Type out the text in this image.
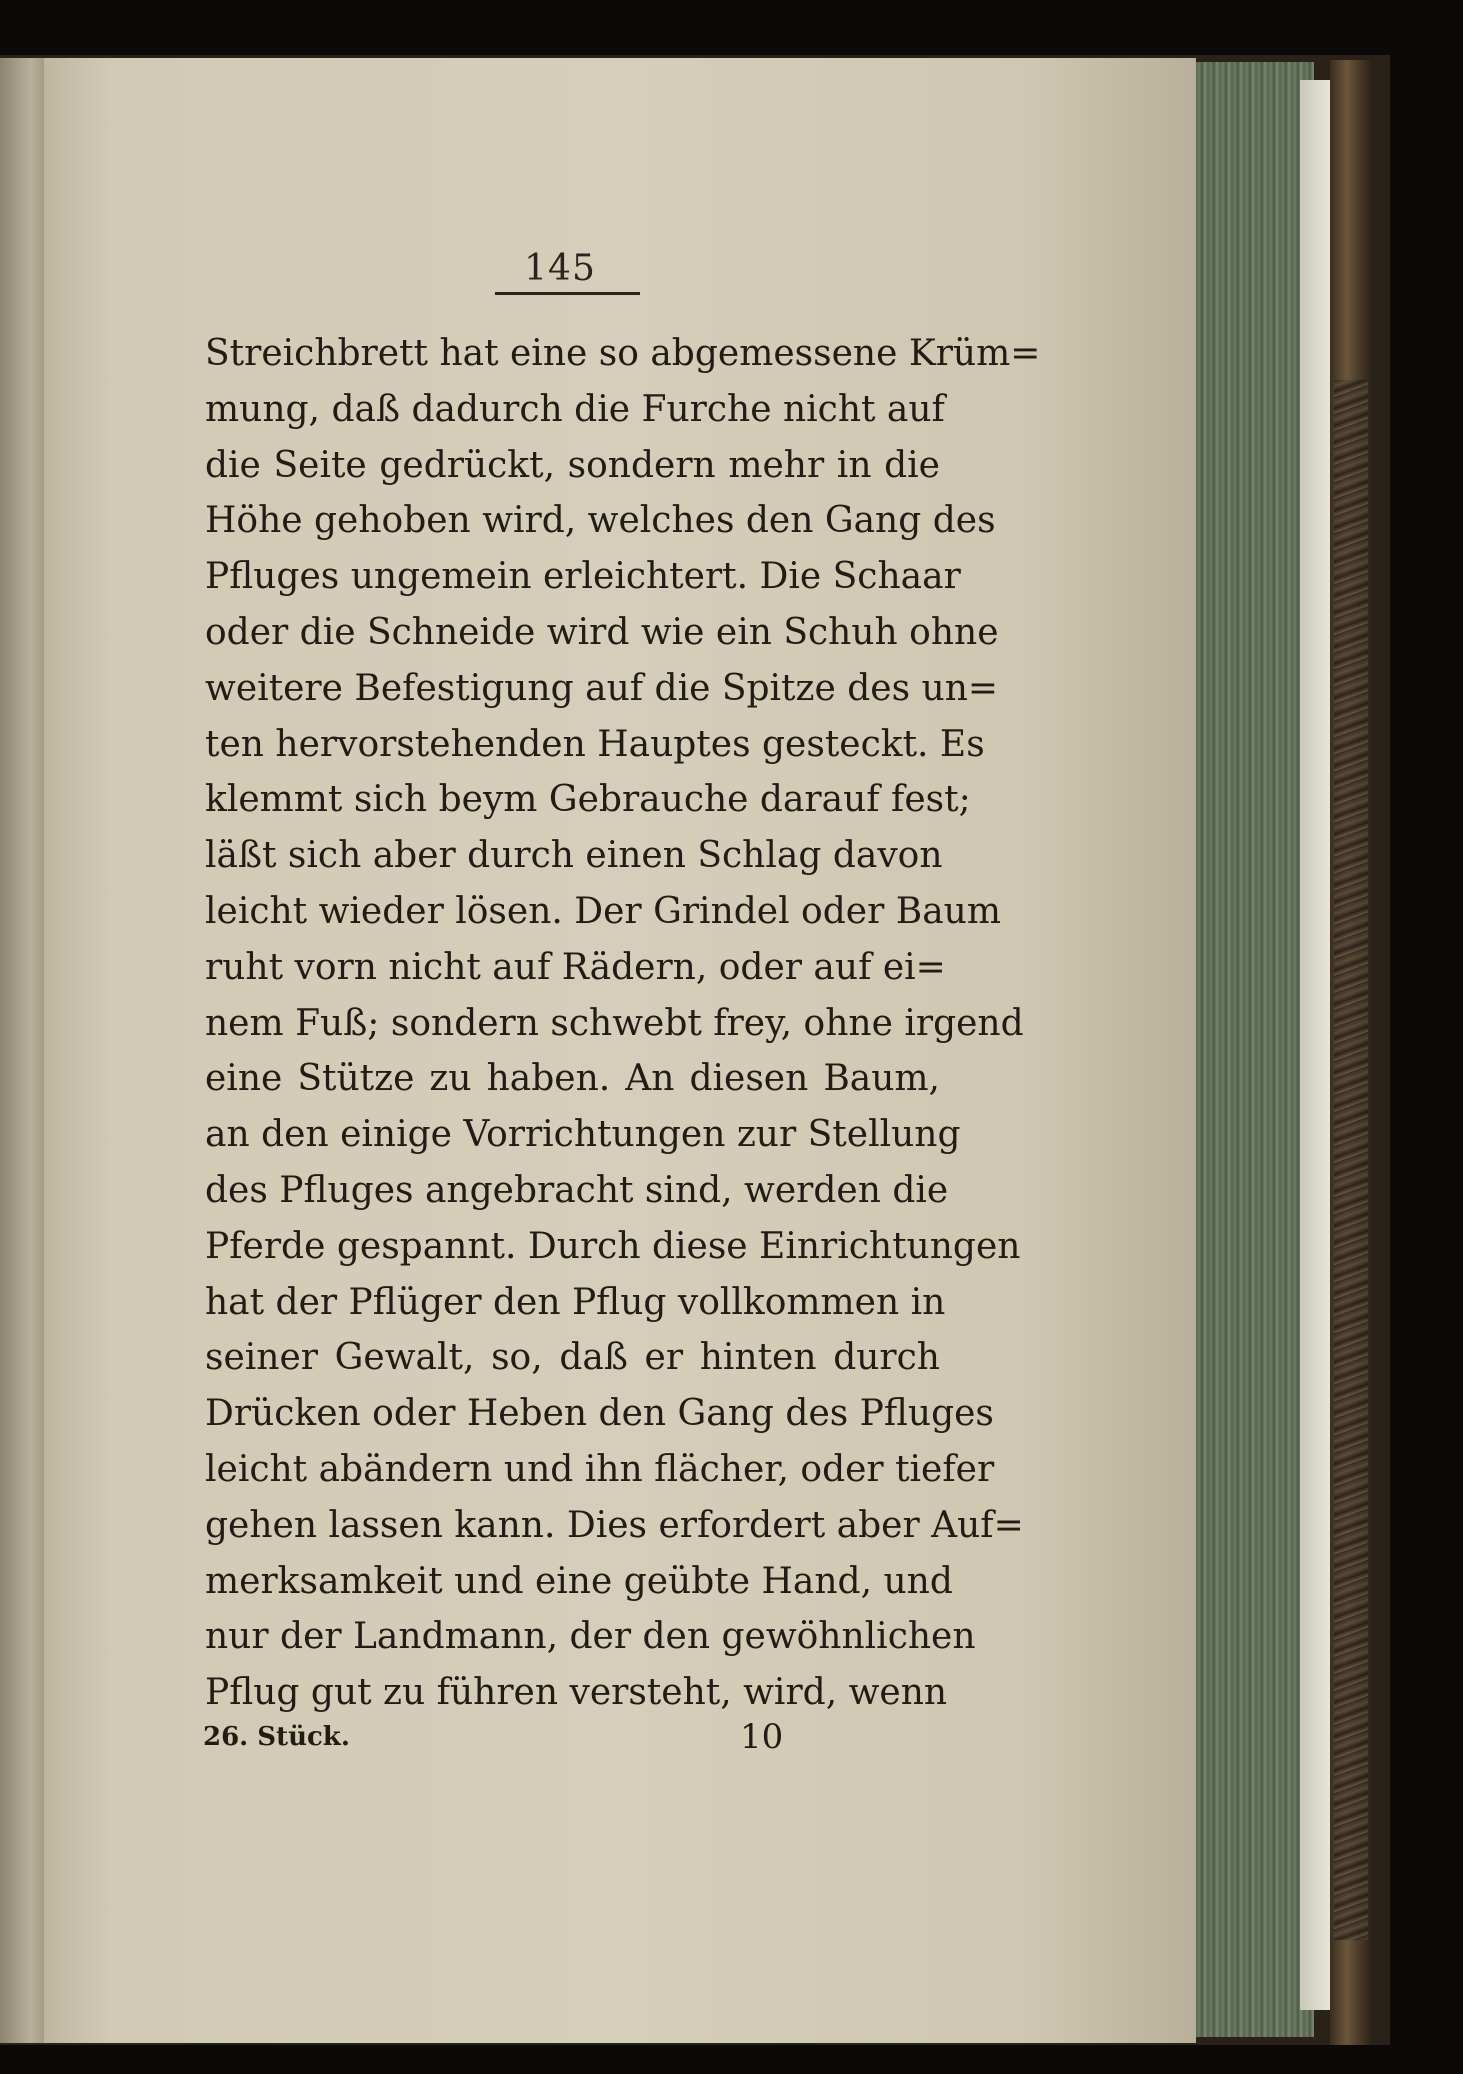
145
Streichbrett hat eine so abgemessene Krüm=
mung, daß dadurch die Furche nicht auf
die Seite gedrückt, sondern mehr in die
Höhe gehoben wird, welches den Gang des
Pfluges ungemein erleichtert. Die Schaar
oder die Schneide wird wie ein Schuh ohne
weitere Befestigung auf die Spitze des un=
ten hervorstehenden Hauptes gesteckt. Es
klemmt sich beym Gebrauche darauf fest;
läßt sich aber durch einen Schlag davon
leicht wieder lösen. Der Grindel oder Baum
ruht vorn nicht auf Rädern, oder auf ei=
nem Fuß; sondern schwebt frey, ohne irgend
eine Stütze zu haben. An diesen Baum,
an den einige Vorrichtungen zur Stellung
des Pfluges angebracht sind, werden die
Pferde gespannt. Durch diese Einrichtungen
hat der Pflüger den Pflug vollkommen in
seiner Gewalt, so, daß er hinten durch
Drücken oder Heben den Gang des Pfluges
leicht abändern und ihn flächer, oder tiefer
gehen lassen kann. Dies erfordert aber Auf=
merksamkeit und eine geübte Hand, und
nur der Landmann, der den gewöhnlichen
Pflug gut zu führen versteht, wird, wenn
26. Stück.	10
